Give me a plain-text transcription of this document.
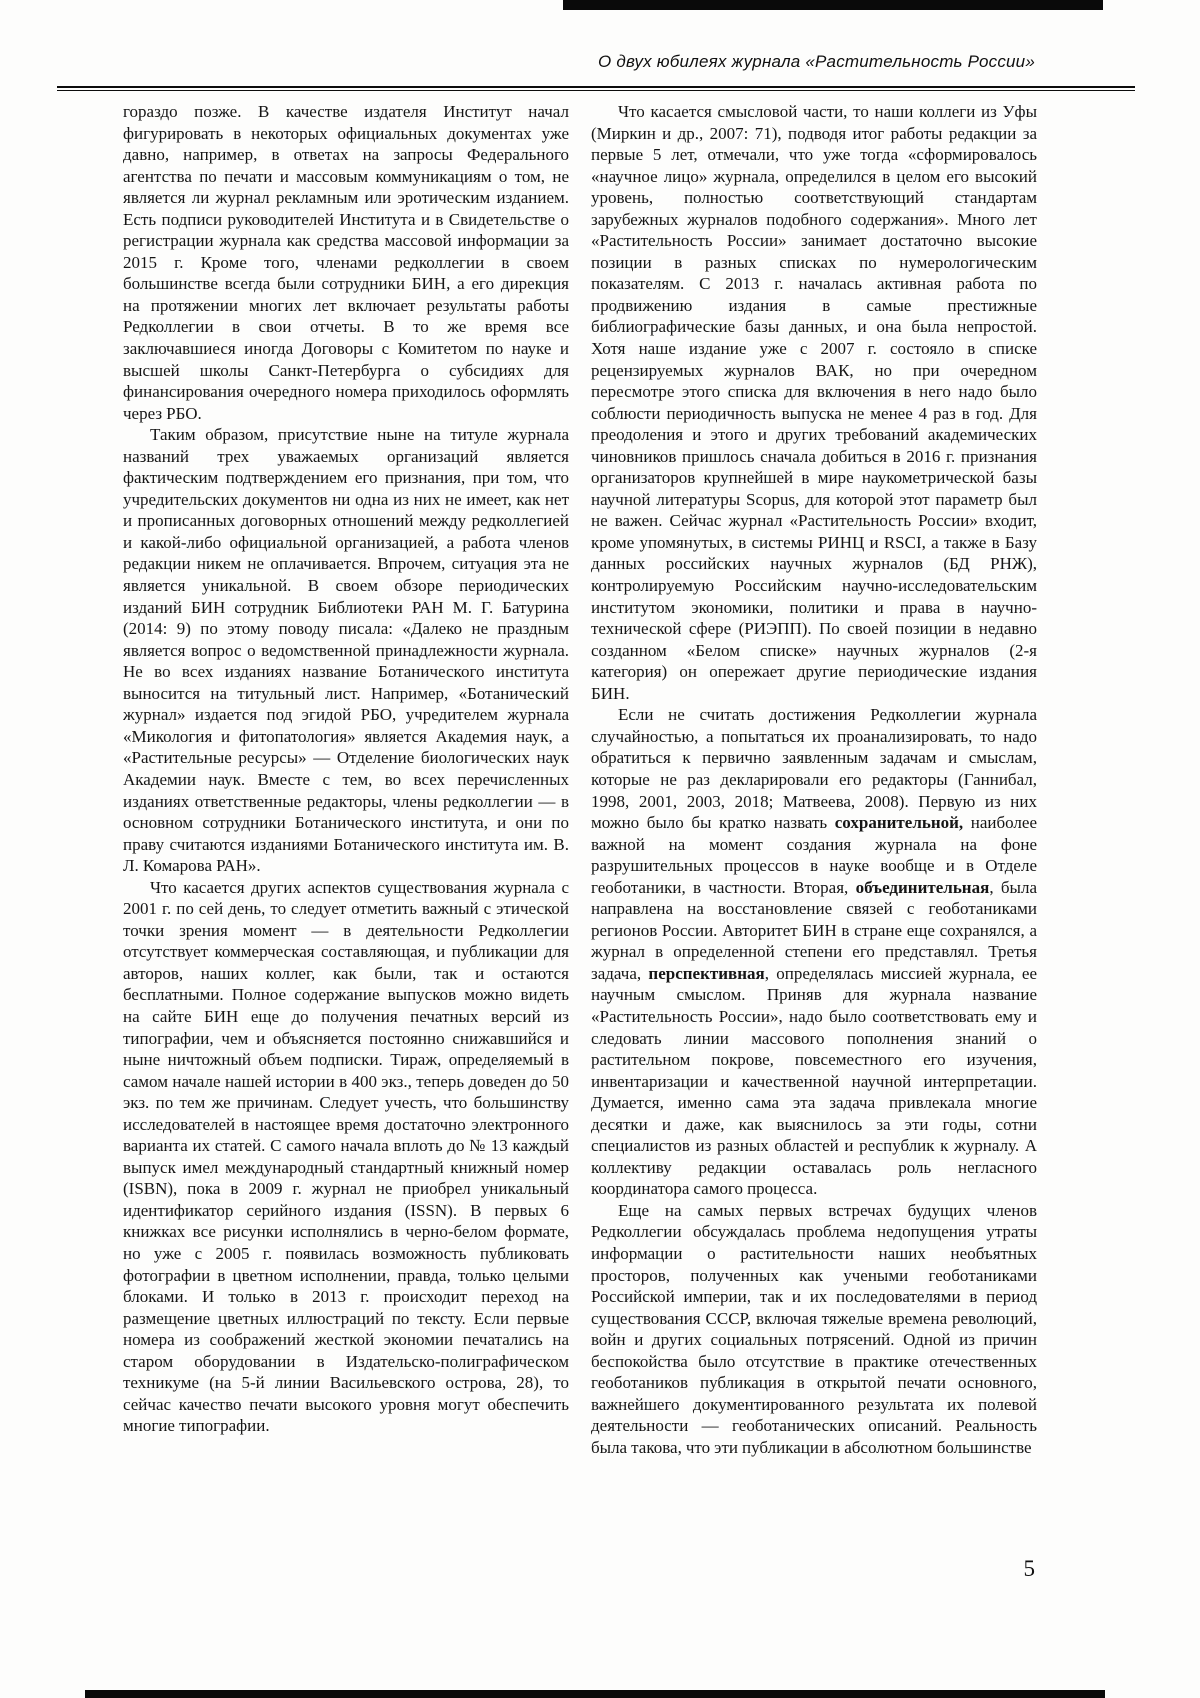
О двух юбилеях журнала «Растительность России»

гораздо позже. В качестве издателя Институт начал фигурировать в некоторых официальных документах уже давно, например, в ответах на запросы Федерального агентства по печати и массовым коммуникациям о том, не является ли журнал рекламным или эротическим изданием. Есть подписи руководителей Института и в Свидетельстве о регистрации журнала как средства массовой информации за 2015 г. Кроме того, членами редколлегии в своем большинстве всегда были сотрудники БИН, а его дирекция на протяжении многих лет включает результаты работы Редколлегии в свои отчеты. В то же время все заключавшиеся иногда Договоры с Комитетом по науке и высшей школы Санкт-Петербурга о субсидиях для финансирования очередного номера приходилось оформлять через РБО.

Таким образом, присутствие ныне на титуле журнала названий трех уважаемых организаций является фактическим подтверждением его признания, при том, что учредительских документов ни одна из них не имеет, как нет и прописанных договорных отношений между редколлегией и какой-либо официальной организацией, а работа членов редакции никем не оплачивается. Впрочем, ситуация эта не является уникальной. В своем обзоре периодических изданий БИН сотрудник Библиотеки РАН М. Г. Батурина (2014: 9) по этому поводу писала: «Далеко не праздным является вопрос о ведомственной принадлежности журнала. Не во всех изданиях название Ботанического института выносится на титульный лист. Например, «Ботанический журнал» издается под эгидой РБО, учредителем журнала «Микология и фитопатология» является Академия наук, а «Растительные ресурсы» — Отделение биологических наук Академии наук. Вместе с тем, во всех перечисленных изданиях ответственные редакторы, члены редколлегии — в основном сотрудники Ботанического института, и они по праву считаются изданиями Ботанического института им. В. Л. Комарова РАН».

Что касается других аспектов существования журнала с 2001 г. по сей день, то следует отметить важный с этической точки зрения момент — в деятельности Редколлегии отсутствует коммерческая составляющая, и публикации для авторов, наших коллег, как были, так и остаются бесплатными. Полное содержание выпусков можно видеть на сайте БИН еще до получения печатных версий из типографии, чем и объясняется постоянно снижавшийся и ныне ничтожный объем подписки. Тираж, определяемый в самом начале нашей истории в 400 экз., теперь доведен до 50 экз. по тем же причинам. Следует учесть, что большинству исследователей в настоящее время достаточно электронного варианта их статей. С самого начала вплоть до № 13 каждый выпуск имел международный стандартный книжный номер (ISBN), пока в 2009 г. журнал не приобрел уникальный идентификатор серийного издания (ISSN). В первых 6 книжках все рисунки исполнялись в черно-белом формате, но уже с 2005 г. появилась возможность публиковать фотографии в цветном исполнении, правда, только целыми блоками. И только в 2013 г. происходит переход на размещение цветных иллюстраций по тексту. Если первые номера из соображений жесткой экономии печатались на старом оборудовании в Издательско-полиграфическом техникуме (на 5-й линии Васильевского острова, 28), то сейчас качество печати высокого уровня могут обеспечить многие типографии.

Что касается смысловой части, то наши коллеги из Уфы (Миркин и др., 2007: 71), подводя итог работы редакции за первые 5 лет, отмечали, что уже тогда «сформировалось «научное лицо» журнала, определился в целом его высокий уровень, полностью соответствующий стандартам зарубежных журналов подобного содержания». Много лет «Растительность России» занимает достаточно высокие позиции в разных списках по нумерологическим показателям. С 2013 г. началась активная работа по продвижению издания в самые престижные библиографические базы данных, и она была непростой. Хотя наше издание уже с 2007 г. состояло в списке рецензируемых журналов ВАК, но при очередном пересмотре этого списка для включения в него надо было соблюсти периодичность выпуска не менее 4 раз в год. Для преодоления и этого и других требований академических чиновников пришлось сначала добиться в 2016 г. признания организаторов крупнейшей в мире наукометрической базы научной литературы Scopus, для которой этот параметр был не важен. Сейчас журнал «Растительность России» входит, кроме упомянутых, в системы РИНЦ и RSCI, а также в Базу данных российских научных журналов (БД РНЖ), контролируемую Российским научно-исследовательским институтом экономики, политики и права в научно-технической сфере (РИЭПП). По своей позиции в недавно созданном «Белом списке» научных журналов (2-я категория) он опережает другие периодические издания БИН.

Если не считать достижения Редколлегии журнала случайностью, а попытаться их проанализировать, то надо обратиться к первично заявленным задачам и смыслам, которые не раз декларировали его редакторы (Ганнибал, 1998, 2001, 2003, 2018; Матвеева, 2008). Первую из них можно было бы кратко назвать сохранительной, наиболее важной на момент создания журнала на фоне разрушительных процессов в науке вообще и в Отделе геоботаники, в частности. Вторая, объединительная, была направлена на восстановление связей с геоботаниками регионов России. Авторитет БИН в стране еще сохранялся, а журнал в определенной степени его представлял. Третья задача, перспективная, определялась миссией журнала, ее научным смыслом. Приняв для журнала название «Растительность России», надо было соответствовать ему и следовать линии массового пополнения знаний о растительном покрове, повсеместного его изучения, инвентаризации и качественной научной интерпретации. Думается, именно сама эта задача привлекала многие десятки и даже, как выяснилось за эти годы, сотни специалистов из разных областей и республик к журналу. А коллективу редакции оставалась роль негласного координатора самого процесса.

Еще на самых первых встречах будущих членов Редколлегии обсуждалась проблема недопущения утраты информации о растительности наших необъятных просторов, полученных как учеными геоботаниками Российской империи, так и их последователями в период существования СССР, включая тяжелые времена революций, войн и других социальных потрясений. Одной из причин беспокойства было отсутствие в практике отечественных геоботаников публикация в открытой печати основного, важнейшего документированного результата их полевой деятельности — геоботанических описаний. Реальность была такова, что эти публикации в абсолютном большинстве

5
